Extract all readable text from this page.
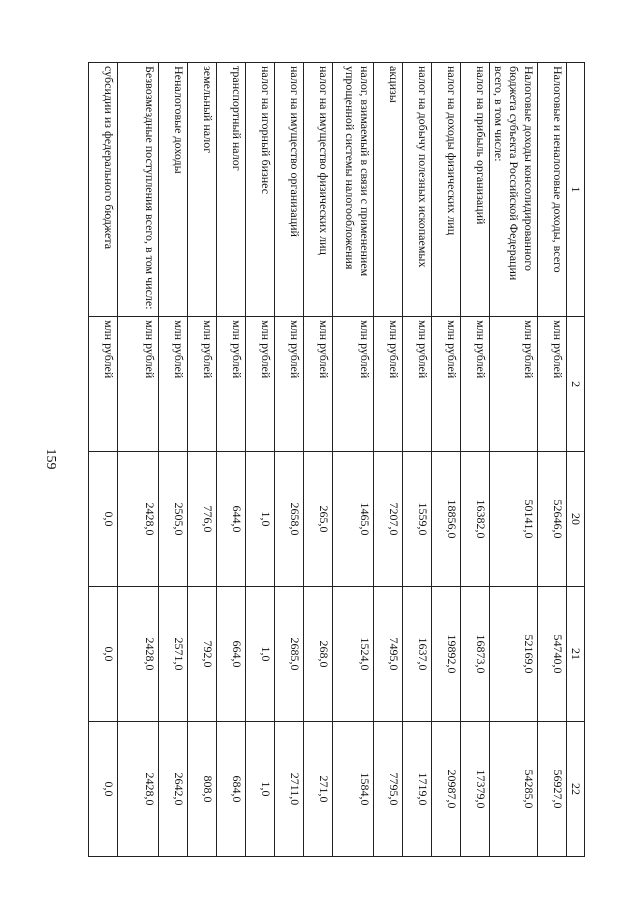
159
1	2	20	21	22
Налоговые и неналоговые доходы, всего	млн рублей	52646,0	54740,0	56927,0
Налоговые доходы консолидированного бюджета субъекта Российской Федерации всего, в том числе:	млн рублей	50141,0	52169,0	54285,0
налог на прибыль организаций	млн рублей	16382,0	16873,0	17379,0
налог на доходы физических лиц	млн рублей	18856,0	19892,0	20987,0
налог на добычу полезных ископаемых	млн рублей	1559,0	1637,0	1719,0
акцизы	млн рублей	7207,0	7495,0	7795,0
налог, взимаемый в связи с применением упрощенной системы налогообложения	млн рублей	1465,0	1524,0	1584,0
налог на имущество физических лиц	млн рублей	265,0	268,0	271,0
налог на имущество организаций	млн рублей	2658,0	2685,0	2711,0
налог на игорный бизнес	млн рублей	1,0	1,0	1,0
транспортный налог	млн рублей	644,0	664,0	684,0
земельный налог	млн рублей	776,0	792,0	808,0
Неналоговые доходы	млн рублей	2505,0	2571,0	2642,0
Безвозмездные поступления всего, в том числе:	млн рублей	2428,0	2428,0	2428,0
субсидии из федерального бюджета	млн рублей	0,0	0,0	0,0
